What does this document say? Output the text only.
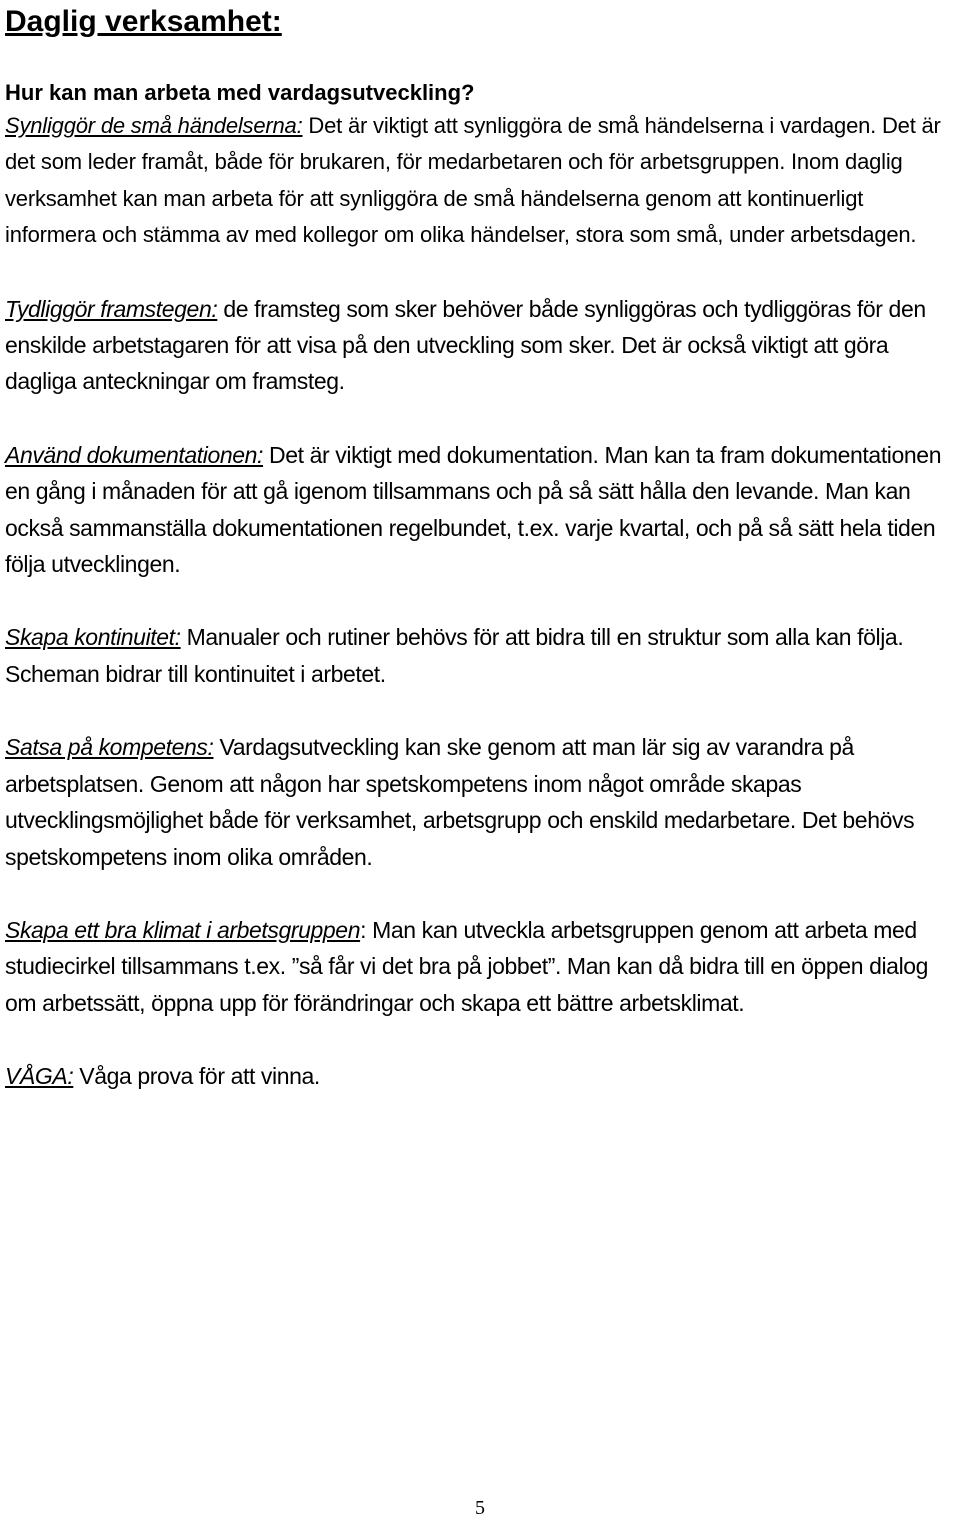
Daglig verksamhet:
Hur kan man arbeta med vardagsutveckling?

Synliggör de små händelserna: Det är viktigt att synliggöra de små händelserna i vardagen. Det är det som leder framåt, både för brukaren, för medarbetaren och för arbetsgruppen. Inom daglig verksamhet kan man arbeta för att synliggöra de små händelserna genom att kontinuerligt informera och stämma av med kollegor om olika händelser, stora som små, under arbetsdagen.

Tydliggör framstegen: de framsteg som sker behöver både synliggöras och tydliggöras för den enskilde arbetstagaren för att visa på den utveckling som sker. Det är också viktigt att göra dagliga anteckningar om framsteg.

Använd dokumentationen: Det är viktigt med dokumentation. Man kan ta fram dokumentationen en gång i månaden för att gå igenom tillsammans och på så sätt hålla den levande. Man kan också sammanställa dokumentationen regelbundet, t.ex. varje kvartal, och på så sätt hela tiden följa utvecklingen.

Skapa kontinuitet: Manualer och rutiner behövs för att bidra till en struktur som alla kan följa. Scheman bidrar till kontinuitet i arbetet.

Satsa på kompetens: Vardagsutveckling kan ske genom att man lär sig av varandra på arbetsplatsen. Genom att någon har spetskompetens inom något område skapas utvecklingsmöjlighet både för verksamhet, arbetsgrupp och enskild medarbetare. Det behövs spetskompetens inom olika områden.

Skapa ett bra klimat i arbetsgruppen: Man kan utveckla arbetsgruppen genom att arbeta med studiecirkel tillsammans t.ex. ”så får vi det bra på jobbet”. Man kan då bidra till en öppen dialog om arbetssätt, öppna upp för förändringar och skapa ett bättre arbetsklimat.

VÅGA: Våga prova för att vinna.

5
